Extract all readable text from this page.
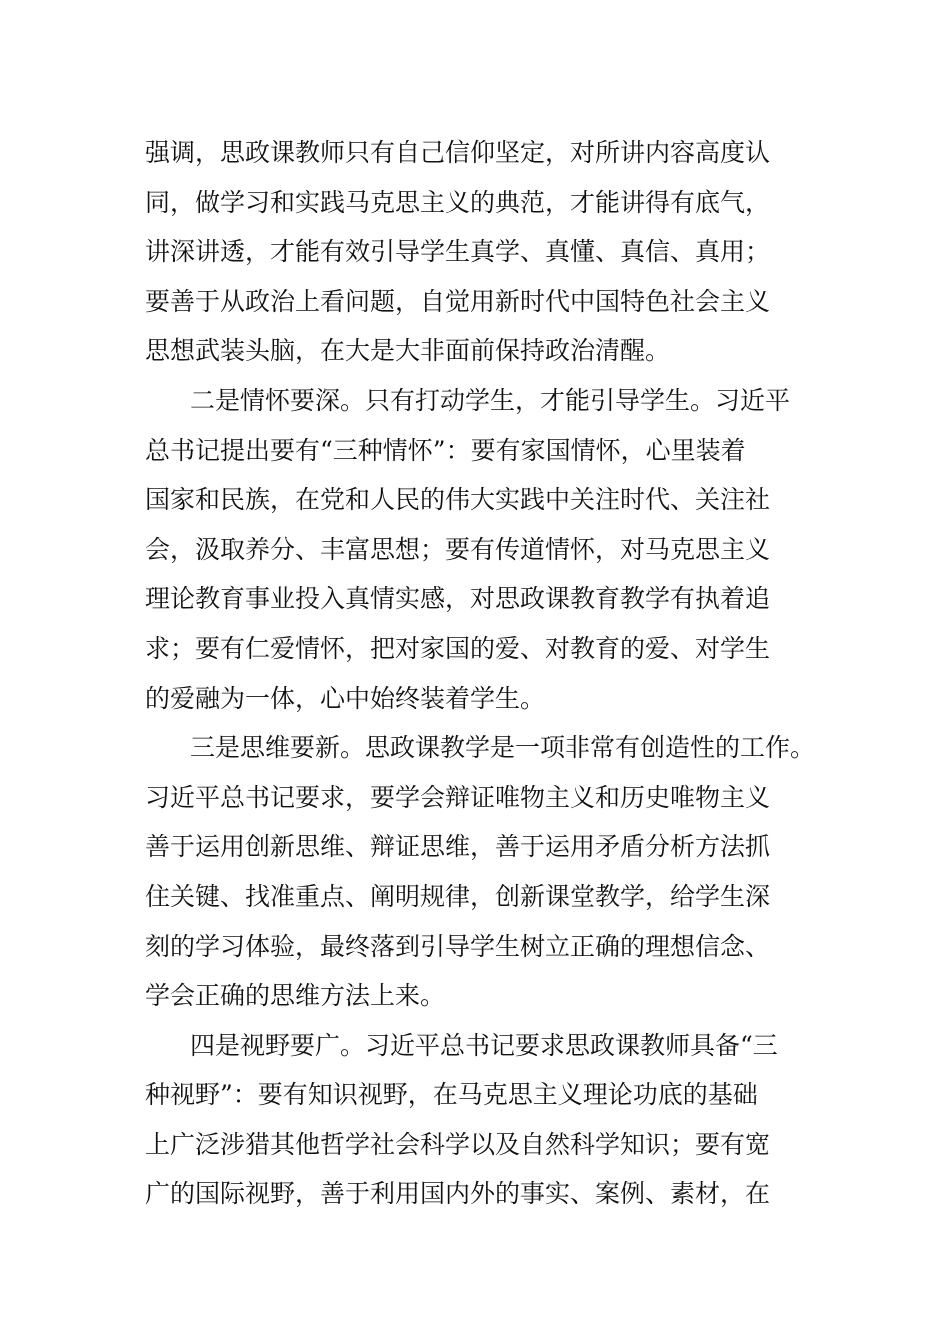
强调，思政课教师只有自己信仰坚定，对所讲内容高度认
同，做学习和实践马克思主义的典范，才能讲得有底气，
讲深讲透，才能有效引导学生真学、真懂、真信、真用；
要善于从政治上看问题，自觉用新时代中国特色社会主义
思想武装头脑，在大是大非面前保持政治清醒。
二是情怀要深。只有打动学生，才能引导学生。习近平
总书记提出要有“三种情怀”：要有家国情怀，心里装着
国家和民族，在党和人民的伟大实践中关注时代、关注社
会，汲取养分、丰富思想；要有传道情怀，对马克思主义
理论教育事业投入真情实感，对思政课教育教学有执着追
求；要有仁爱情怀，把对家国的爱、对教育的爱、对学生
的爱融为一体，心中始终装着学生。
三是思维要新。思政课教学是一项非常有创造性的工作。
习近平总书记要求，要学会辩证唯物主义和历史唯物主义
善于运用创新思维、辩证思维，善于运用矛盾分析方法抓
住关键、找准重点、阐明规律，创新课堂教学，给学生深
刻的学习体验，最终落到引导学生树立正确的理想信念、
学会正确的思维方法上来。
四是视野要广。习近平总书记要求思政课教师具备“三
种视野”：要有知识视野，在马克思主义理论功底的基础
上广泛涉猎其他哲学社会科学以及自然科学知识；要有宽
广的国际视野，善于利用国内外的事实、案例、素材，在
